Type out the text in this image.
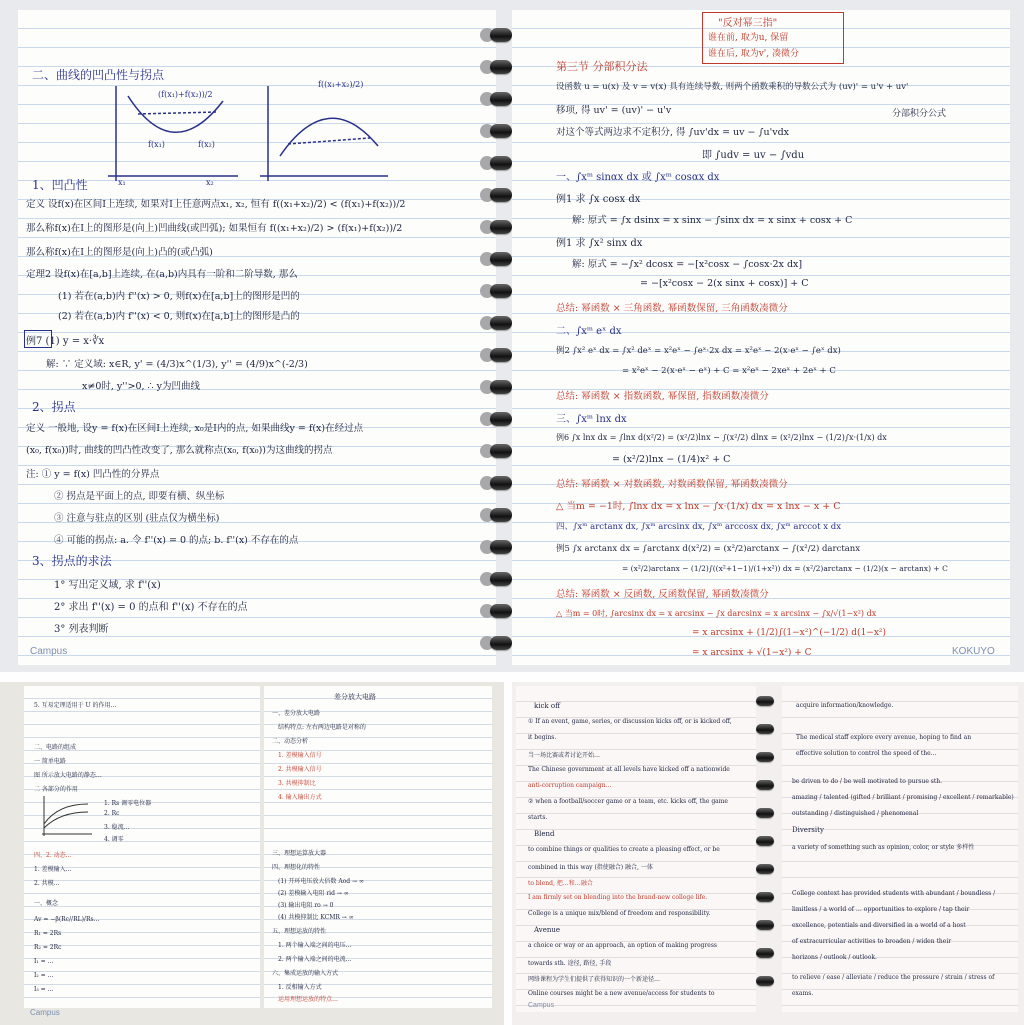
(f(x₁)+f(x₂))/2
f(x₁)	f(x₂)
f((x₁+x₂)/2)
x₁	x₂
二、曲线的凹凸性与拐点
1、凹凸性
定义 设f(x)在区间I上连续, 如果对I上任意两点x₁, x₂, 恒有 f((x₁+x₂)/2) < (f(x₁)+f(x₂))/2
那么称f(x)在I上的图形是(向上)凹曲线(或凹弧); 如果恒有 f((x₁+x₂)/2) > (f(x₁)+f(x₂))/2
那么称f(x)在I上的图形是(向上)凸的(或凸弧)
定理2 设f(x)在[a,b]上连续, 在(a,b)内具有一阶和二阶导数, 那么
(1) 若在(a,b)内 f''(x) > 0, 则f(x)在[a,b]上的图形是凹的
(2) 若在(a,b)内 f''(x) < 0, 则f(x)在[a,b]上的图形是凸的
例7 (1) y = x·∛x
解: ∵ 定义域: x∈R, y' = (4/3)x^(1/3), y'' = (4/9)x^(-2/3)
x≠0时, y''>0, ∴ y为凹曲线
2、拐点
定义 一般地, 设y = f(x)在区间I上连续, x₀是I内的点, 如果曲线y = f(x)在经过点
(x₀, f(x₀))时, 曲线的凹凸性改变了, 那么就称点(x₀, f(x₀))为这曲线的拐点
注: ① y = f(x) 凹凸性的分界点
② 拐点是平面上的点, 即要有横、纵坐标
③ 注意与驻点的区别 (驻点仅为横坐标)
④ 可能的拐点: a. 令 f''(x) = 0 的点; b. f''(x) 不存在的点
3、拐点的求法
1° 写出定义域, 求 f''(x)
2° 求出 f''(x) = 0 的点和 f''(x) 不存在的点
3° 列表判断
Campus
第三节 分部积分法
设函数 u = u(x) 及 v = v(x) 具有连续导数, 则两个函数乘积的导数公式为 (uv)' = u'v + uv'
移项, 得 uv' = (uv)' − u'v
对这个等式两边求不定积分, 得 ∫uv'dx = uv − ∫u'vdx
即 ∫udv = uv − ∫vdu
一、∫xᵐ sinαx dx 或 ∫xᵐ cosαx dx
例1 求 ∫x cosx dx
解: 原式 = ∫x dsinx = x sinx − ∫sinx dx = x sinx + cosx + C
例1 求 ∫x² sinx dx
解: 原式 = −∫x² dcosx = −[x²cosx − ∫cosx·2x dx]
= −[x²cosx − 2(x sinx + cosx)] + C
总结: 幂函数 × 三角函数, 幂函数保留, 三角函数凑微分
二、∫xᵐ eˣ dx
例2 ∫x² eˣ dx = ∫x² deˣ = x²eˣ − ∫eˣ·2x dx = x²eˣ − 2(x·eˣ − ∫eˣ dx)
= x²eˣ − 2(x·eˣ − eˣ) + C = x²eˣ − 2xeˣ + 2eˣ + C
总结: 幂函数 × 指数函数, 幂保留, 指数函数凑微分
三、∫xᵐ lnx dx
例6 ∫x lnx dx = ∫lnx d(x²/2) = (x²/2)lnx − ∫(x²/2) dlnx = (x²/2)lnx − (1/2)∫x·(1/x) dx
= (x²/2)lnx − (1/4)x² + C
总结: 幂函数 × 对数函数, 对数函数保留, 幂函数凑微分
△ 当m = −1时, ∫lnx dx = x lnx − ∫x·(1/x) dx = x lnx − x + C
四、∫xᵐ arctanx dx, ∫xᵐ arcsinx dx, ∫xᵐ arccosx dx, ∫xᵐ arccot x dx
例5 ∫x arctanx dx = ∫arctanx d(x²/2) = (x²/2)arctanx − ∫(x²/2) darctanx
= (x²/2)arctanx − (1/2)∫((x²+1−1)/(1+x²)) dx = (x²/2)arctanx − (1/2)(x − arctanx) + C
总结: 幂函数 × 反函数, 反函数保留, 幂函数凑微分
△ 当m = 0时, ∫arcsinx dx = x arcsinx − ∫x darcsinx = x arcsinx − ∫x/√(1−x²) dx
= x arcsinx + (1/2)∫(1−x²)^(−1/2) d(1−x²)
= x arcsinx + √(1−x²) + C
"反对幂三指"
谁在前, 取为u, 保留
谁在后, 取为v', 凑微分
分部积分公式
KOKUYO
5. 互易定理适用于 U 的作用…
二、电路的组成
一 简单电路
图 所示放大电路的静态…
二 各部分的作用
1. Rs 调零电位器
2. Rc
3. 稳流…
4. 调零
四、2. 动态…
1. 差模输入…
2. 共模…
一、概念
Av = −β(Rc//RL)/Rs…
R₁ = 2Rs
R₂ = 2Rc
I₁ = …
I₂ = …
I₃ = …
差分放大电路
一、差分放大电路
结构特点: 左右两边电路是对称的
二、动态分析
1. 差模输入信号
2. 共模输入信号
3. 共模抑制比
4. 输入输出方式
三、理想运算放大器
四、理想化的特性
(1) 开环电压放大倍数 Aod → ∞
(2) 差模输入电阻 rid → ∞
(3) 输出电阻 ro → 0
(4) 共模抑制比 KCMR → ∞
五、理想运放的特性
1. 两个输入端之间的电压…
2. 两个输入端之间的电流…
六、集成运放的输入方式
1. 反相输入方式
运用理想运放的特点…
Campus
kick off
① If an event, game, series, or discussion kicks off, or is kicked off,
it begins.
当一场比赛或者讨论开始…
The Chinese government at all levels have kicked off a nationwide
anti-corruption campaign…
② when a football/soccer game or a team, etc. kicks off, the game
starts.
Blend
to combine things or qualities to create a pleasing effect, or be
combined in this way (指使融合) 融合, 一体
to blend, 把…和…融合
I am firmly set on blending into the brand-new college life.
College is a unique mix/blend of freedom and responsibility.
Avenue
a choice or way or an approach, an option of making progress
towards sth. 途径, 路径, 手段
网络课程为学生们提供了获得知识的一个新途径…
Online courses might be a new avenue/access for students to
Campus
acquire information/knowledge.
The medical staff explore every avenue, hoping to find an
effective solution to control the speed of the…
be driven to do / be well motivated to pursue sth.
amazing / talented (gifted / brilliant / promising / excellent / remarkable)
outstanding / distinguished / phenomenal
Diversity
a variety of something such as opinion, color, or style 多样性
College context has provided students with abundant / boundless /
limitless / a world of … opportunities to explore / tap their
excellence, potentials and diversified in a world of a host
of extracurricular activities to broaden / widen their
horizons / outlook / outlook.
to relieve / ease / alleviate / reduce the pressure / strain / stress of
exams.
